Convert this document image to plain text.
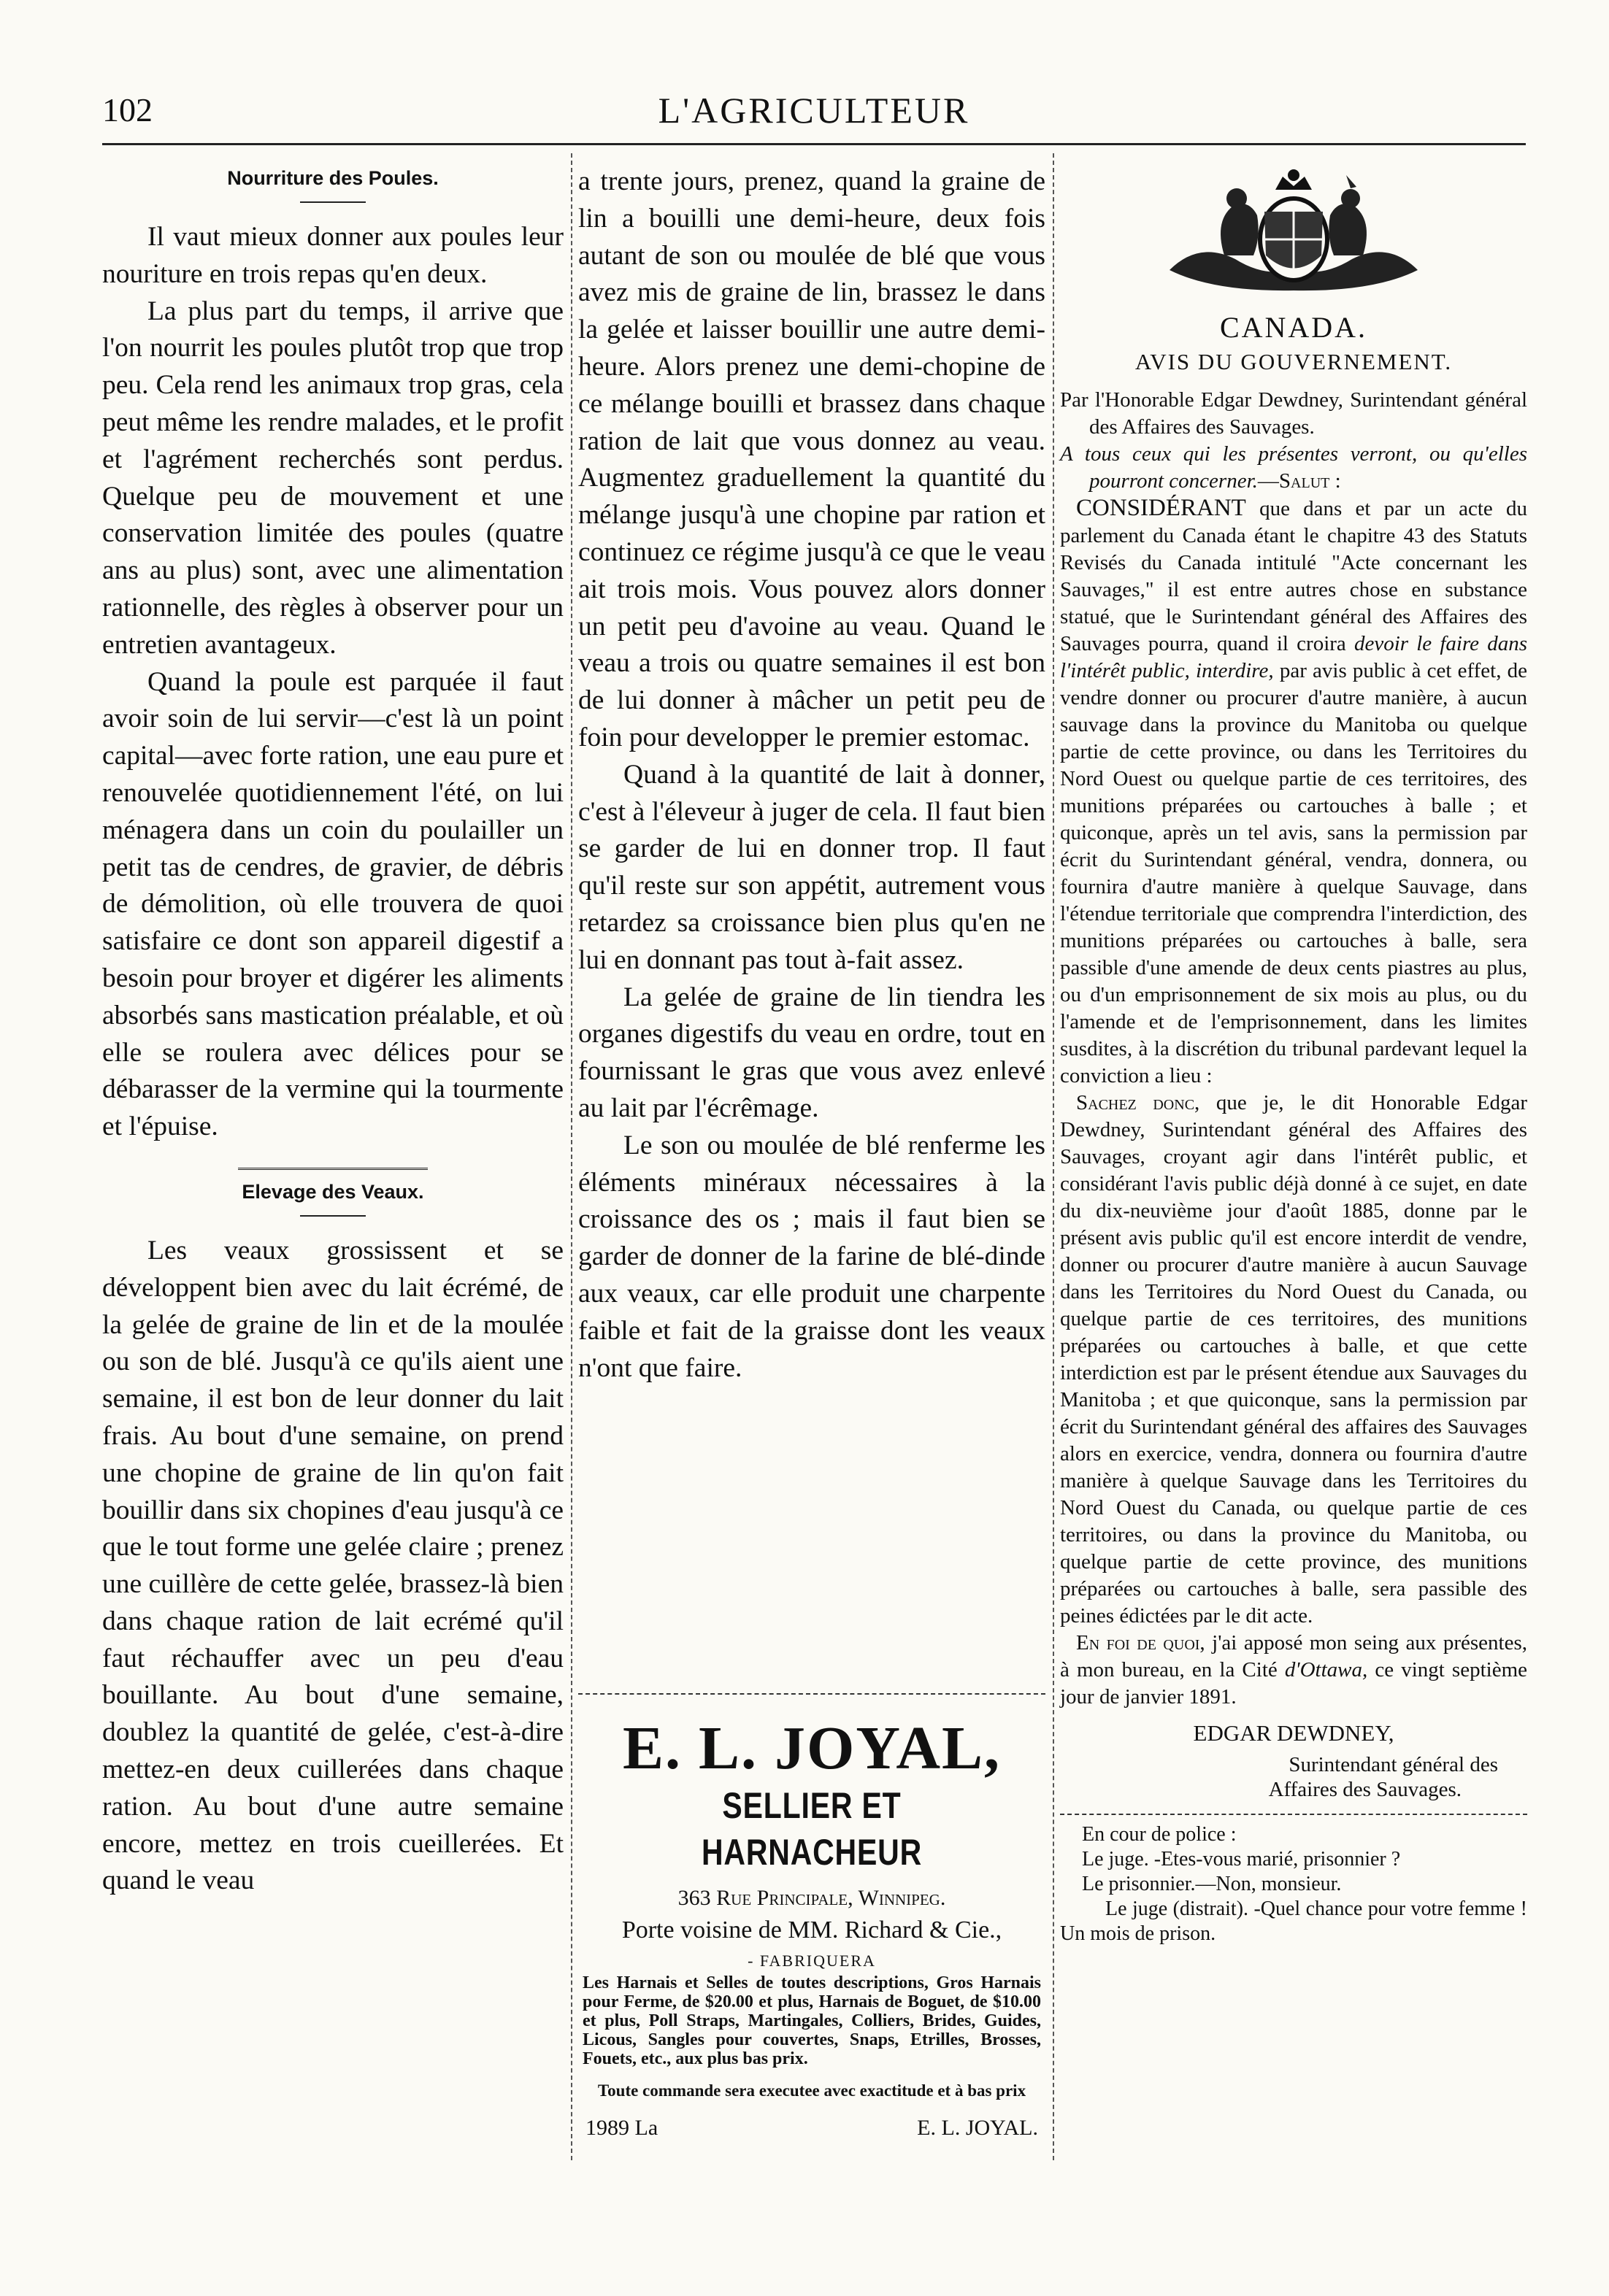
102	L'AGRICULTEUR
Nourriture des Poules.

Il vaut mieux donner aux poules leur nouriture en trois repas qu'en deux.

La plus part du temps, il arrive que l'on nourrit les poules plutôt trop que trop peu. Cela rend les animaux trop gras, cela peut même les rendre malades, et le profit et l'agrément recherchés sont perdus. Quelque peu de mouvement et une conservation limitée des poules (quatre ans au plus) sont, avec une alimentation rationnelle, des règles à observer pour un entretien avantageux.

Quand la poule est parquée il faut avoir soin de lui servir—c'est là un point capital—avec forte ration, une eau pure et renouvelée quotidiennement l'été, on lui ménagera dans un coin du poulailler un petit tas de cendres, de gravier, de débris de démolition, où elle trouvera de quoi satisfaire ce dont son appareil digestif a besoin pour broyer et digérer les aliments absorbés sans mastication préalable, et où elle se roulera avec délices pour se débarasser de la vermine qui la tourmente et l'épuise.

Elevage des Veaux.

Les veaux grossissent et se développent bien avec du lait écrémé, de la gelée de graine de lin et de la moulée ou son de blé. Jusqu'à ce qu'ils aient une semaine, il est bon de leur donner du lait frais. Au bout d'une semaine, on prend une chopine de graine de lin qu'on fait bouillir dans six chopines d'eau jusqu'à ce que le tout forme une gelée claire ; prenez une cuillère de cette gelée, brassez-là bien dans chaque ration de lait ecrémé qu'il faut réchauffer avec un peu d'eau bouillante. Au bout d'une semaine, doublez la quantité de gelée, c'est-à-dire mettez-en deux cuillerées dans chaque ration. Au bout d'une autre semaine encore, mettez en trois cueillerées. Et quand le veau

a trente jours, prenez, quand la graine de lin a bouilli une demi-heure, deux fois autant de son ou moulée de blé que vous avez mis de graine de lin, brassez le dans la gelée et laisser bouillir une autre demi-heure. Alors prenez une demi-chopine de ce mélange bouilli et brassez dans chaque ration de lait que vous donnez au veau. Augmentez graduellement la quantité du mélange jusqu'à une chopine par ration et continuez ce régime jusqu'à ce que le veau ait trois mois. Vous pouvez alors donner un petit peu d'avoine au veau. Quand le veau a trois ou quatre semaines il est bon de lui donner à mâcher un petit peu de foin pour developper le premier estomac.

Quand à la quantité de lait à donner, c'est à l'éleveur à juger de cela. Il faut bien se garder de lui en donner trop. Il faut qu'il reste sur son appétit, autrement vous retardez sa croissance bien plus qu'en ne lui en donnant pas tout à-fait assez.

La gelée de graine de lin tiendra les organes digestifs du veau en ordre, tout en fournissant le gras que vous avez enlevé au lait par l'écrêmage.

Le son ou moulée de blé renferme les éléments minéraux nécessaires à la croissance des os ; mais il faut bien se garder de donner de la farine de blé-dinde aux veaux, car elle produit une charpente faible et fait de la graisse dont les veaux n'ont que faire.

E. L. JOYAL,
SELLIER ET HARNACHEUR
363 Rue Principale, Winnipeg.
Porte voisine de MM. Richard & Cie.,
- FABRIQUERA
Les Harnais et Selles de toutes descriptions, Gros Harnais pour Ferme, de $20.00 et plus, Harnais de Boguet, de $10.00 et plus, Poll Straps, Martingales, Colliers, Brides, Guides, Licous, Sangles pour couvertes, Snaps, Etrilles, Brosses, Fouets, etc., aux plus bas prix.
Toute commande sera executee avec exactitude et à bas prix
1989 La	E. L. JOYAL.
CANADA.
AVIS DU GOUVERNEMENT.

Par l'Honorable Edgar Dewdney, Surintendant général des Affaires des Sauvages.

A tous ceux qui les présentes verront, ou qu'elles pourront concerner.—Salut :

CONSIDÉRANT que dans et par un acte du parlement du Canada étant le chapitre 43 des Statuts Revisés du Canada intitulé "Acte concernant les Sauvages," il est entre autres chose en substance statué, que le Surintendant général des Affaires des Sauvages pourra, quand il croira devoir le faire dans l'intérêt public, interdire, par avis public à cet effet, de vendre donner ou procurer d'autre manière, à aucun sauvage dans la province du Manitoba ou quelque partie de cette province, ou dans les Territoires du Nord Ouest ou quelque partie de ces territoires, des munitions préparées ou cartouches à balle ; et quiconque, après un tel avis, sans la permission par écrit du Surintendant général, vendra, donnera, ou fournira d'autre manière à quelque Sauvage, dans l'étendue territoriale que comprendra l'interdiction, des munitions préparées ou cartouches à balle, sera passible d'une amende de deux cents piastres au plus, ou d'un emprisonnement de six mois au plus, ou du l'amende et de l'emprisonnement, dans les limites susdites, à la discrétion du tribunal pardevant lequel la conviction a lieu :

Sachez donc, que je, le dit Honorable Edgar Dewdney, Surintendant général des Affaires des Sauvages, croyant agir dans l'intérêt public, et considérant l'avis public déjà donné à ce sujet, en date du dix-neuvième jour d'août 1885, donne par le présent avis public qu'il est encore interdit de vendre, donner ou procurer d'autre manière à aucun Sauvage dans les Territoires du Nord Ouest du Canada, ou quelque partie de ces territoires, des munitions préparées ou cartouches à balle, et que cette interdiction est par le présent étendue aux Sauvages du Manitoba ; et que quiconque, sans la permission par écrit du Surintendant général des affaires des Sauvages alors en exercice, vendra, donnera ou fournira d'autre manière à quelque Sauvage dans les Territoires du Nord Ouest du Canada, ou quelque partie de ces territoires, ou dans la province du Manitoba, ou quelque partie de cette province, des munitions préparées ou cartouches à balle, sera passible des peines édictées par le dit acte.

En foi de quoi, j'ai apposé mon seing aux présentes, à mon bureau, en la Cité d'Ottawa, ce vingt septième jour de janvier 1891.

EDGAR DEWDNEY,
Surintendant général des
Affaires des Sauvages.

En cour de police :

Le juge. -Etes-vous marié, prisonnier ?

Le prisonnier.—Non, monsieur.

Le juge (distrait). -Quel chance pour votre femme ! Un mois de prison.
